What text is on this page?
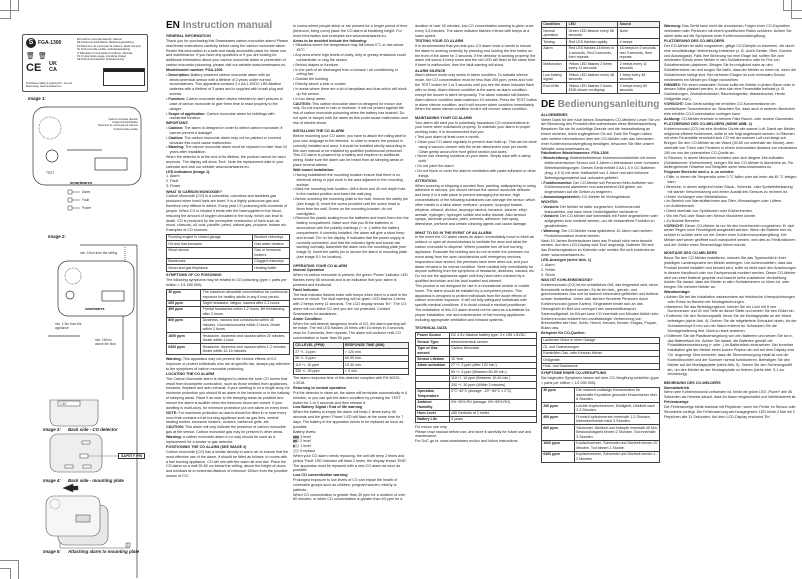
S FGA-1306
🗑 🗑
CE UK CA
EN Carbon monoxide detector. Manual
DE Kohlenmonoxid-Melder. Bedienungsanleitung
FR Détecteur de monoxyde de carbone. Mode d'emploi
NL Koolmonoxide-melder. Gebruiksaanwijzing
IT Rilevatore di monossido di carbonio. Manuale
PL Czujnik tlenku węgla. Instrukcja obsługi
SE Kolmonoxid-detektor. Bruksanvisning
Smartwares Safety & Lighting B.V., Jan van Beierenweg, www.smartwares.eu
Image 1:
Carbon monoxide detector
Kohlenmonoxid-Melder
Détecteur de monoxyde de carbone
Koolmonoxide-melder
TEST
smartwares
Alarm
Fault
Power
Image 2:
min. 15cm from the ceiling
smartwares
min. 1.5m from the appliance
min. 150cm above the floor
1.5V
Image 3: Back side - CO detector
SAFETY PIN
Image 4: Back side - mounting plate
1
Image 5: Attaching alarm to mounting plate

EN Instruction manual

GENERAL INFORMATION

Thank you for purchasing this Smartwares carbon monoxide alarm! Please read these instructions carefully before using the carbon monoxide alarm. Retain this information in a safe and easily accessible place for future use and maintenance. If you have any questions or if you are looking for additional information about your carbon monoxide alarm or prevention of carbon monoxide poisoning, please visit our website www.smartwares.eu.

Model/model number: FGA-1306

• Description: Battery powered carbon monoxide alarm with an electrochemical sensor with a lifetime of 3 years under normal circumstances. This apparatus contains 3 x AA 1.5VDC LR6 Alkaline batteries with a lifetime of 3 years and is supplied with a wall plug and screws.

• Function: Carbon monoxide alarm device intended to alert persons in case of carbon monoxide to give them time to react properly to the danger.

• Scope of application: Carbon monoxide alarm for buildings with residential function.

IMPORTANT:

• Caution: The alarm is designed in order to detect carbon monoxide; it cannot prevent a leakage!

• Caution: The carbon monoxide alarm may not be painted or covered because this could cause malfunction.

• Warning: The carbon monoxide alarm must be replaced no later than 10 years after installation.

When the detector is at the end of its lifetime, the product cannot be used anymore. The display will show 'End'. Note the replacement date in your calendar and visit our website www.smartwares.eu.

LED indicators (image 1):

1. Alarm

2. Fault

3. Power

WHAT IS CARBON MONOXIDE?

Carbon Monoxide (CO) is a colourless, odourless and tasteless gas produced when fossil fuels are burnt. It is a highly poisonous gas and therefore very difficult to detect. Every year CO poisoning kills hundreds of people. When CO is inhaled it binds with the haemoglobin in the blood, reducing the amount of oxygen circulated in the body, which can lead to death. CO is produced by the incomplete combustion of fuels such as wood, charcoal, oil, coal, paraffin, petrol, natural gas, propane, butane etc. Examples of CO sources:

Running engine in closed garage	Blocked chimneys
Oil and Gas furnaces	Gas water heaters
Wood stoves	Gas or kerosene heaters
Barbecues	Clogged chimneys
Wood and gas fireplaces	Heating boiler

SYMPTOMS OF CO POISONING

The following symptoms may be related to CO poisoning (ppm = parts per million = 1/1 000 000):

30 ppm	The maximum allowable concentration for continuous exposure for healthy adults in any 8 hour period.
200 ppm	Slight headache, fatigue, nausea after 2-3 hours.
400 ppm	Frontal headaches within 1-2 hours, life threatening after 3 hours.
800 ppm	Dizziness, nausea and convulsions within 45 minutes. Unconsciousness within 2 hours. Death within 3 hours.
1600 ppm	Headache, dizziness and nausea within 20 minutes. Death within 1 hour.
6400 ppm	Headache, dizziness and nausea within 1-2 minutes. Death within 10-15 minutes.

Warning: This apparatus may not prevent the chronic effects of CO exposure or protect individuals who are at specific risk, always pay attention to the symptoms of carbon monoxide poisoning.

LOCATING THE CO ALARM

The Carbon Monoxide alarm is designed to detect the toxic CO fumes that result from incomplete combustion, such as those emitted from appliances, furnaces, fireplace and auto exhaust. If your dwelling is on a single story, for minimum protection you should fit an alarm in the bedroom or in the hallway of sleeping areas. Place it as near to the sleeping areas as possible and ensure the alarm is audible when the bedroom doors are closed. If your dwelling is multi-story, for minimum protection put one alarm on every level.

NOTE: For maximum protection an alarm should be fitted in or near every room that contains a fuel burning appliance such as gas fires, central heating boilers, kerosene heaters, cookers, barbecue grills, etc.

CAUTION: This alarm will only indicate the presence of carbon monoxide gas at the sensor. Carbon monoxide gas may be present in other areas.

Warning: a carbon monoxide alarm in no way should be used as a replacement for a smoke or gas detector.

POSITIONING THE CO ALARM (SEE IMAGE 2)

Carbon monoxide (CO) has a similar density to warm air, to ensure that the most effective use of the alarm, it should be fitted as follows: In rooms with a fuel burning appliance, CO will mix with the warm air and rise. Place the CO alarm on a wall 30-60 cm below the ceiling, above the height of doors and windows at a horizontal distance of minimum 150cm from the possible source of CO.

In rooms where people sleep or are present for a longer period of time (bedroom, living room) place the CO alarm at breathing height. For more information and examples see www.smartwares.eu.

Areas to be avoided include the following:

• Situations where the temperature may fall below 0°C or rise above 45°C

• Any area where high levels of dusty, dirty or greasy emissions could contaminate or clog the sensor.

• Behind drapes or furniture.

• In the path of air discharged from a furnace / air conditioning or ceiling fan.

• Outside the building.

• Directly above a sink or cooker.

• In areas where there are a lot of lampblack and dust which will block up the sensor.

• In too damp areas.

CAUTION: This carbon monoxide alarm is designed for indoor use only. Do not expose to rain or moisture. It will not protect against the risk of carbon monoxide poisoning when the battery has drained. Do not open or tamper with the alarm as this could cause malfunction and risk of electric shock.

INSTALLING THE CO ALARM

Before mounting your CO alarm, you have to attach the rating label in your own language to the detector. In order to ensure the product is correctly installed and used, it should be installed strictly according to this user manual or be installed by qualified professional personnel. This CO alarm is powered by a battery and requires no additional wiring. Make sure the alarm can be heard from all sleeping areas or place several alarms.

Wall mount installation:

• Having established the mounting location ensure that there is no electrical wiring or pipe work in the area adjacent to the mounting surface.

• Mark the mounting hole location, drill a 6mm and 40 mm depth hole in the marked position and insert the wall plug.

• Before screwing the mounting plate to the wall, remove the safety pin (see image 4). Insert the screw provided until the screw head is 6mm from the wall. Screw on the mounting bracket, do not overtighten.

• Remove the plastic sealing from the batteries and insert them into the battery compartment. Make sure that you fit the batteries in accordance with the polarity markings (+ or -) within the battery compartment. If correctly installed, the alarm will give a short beep and shows 'On' on the display. It indicates that the power supply is normally connected, and that the indicator lights and buzzer are working normally. Assemble the alarm onto the mounting plate (see image 5). Insert the safety pin to secure the alarm to mounting plate (see image 5.1 for location).

OPERATING YOUR CO ALARM

Normal Operation

When no carbon monoxide is present, the green 'Power' indicator LED flashes every 56 seconds and is an indication that your alarm is powered and functional.

Fault Indicator

The fault indicator flashes twice with beeps when there is a fault in the sensor or circuit. The fault warning will be given: LED flashes 2 times with 2 beeps every 11 seconds. The LCD display shows 'Err'. The CO alarm will not detect CO and you are not protected. Contact Smartwares for assistance.

Alarm Condition

When the unit detects dangerous levels of CO, the alarm warning will be made. The red LED flashes 15 times with 16 beeps in 4 seconds, rests for 3 seconds, then repeats. The alarm will continue until CO concentration is lower than 50 ppm.

CO-LEVEL (PPM)	RESPONSE TIME (MIN)
27 +/- 3 ppm	> 120 min.
55 +/- 5 ppm	60-90 min.
110 +/- 10 ppm	10-40 min.
330 +/- 30 ppm	< 3 min.

The alarm response time of this detector complies with EN 50291-1:2018.

Returning to normal operation

Put the detector in clean air, the alarm will terminate automatically in 6 minutes, or you can quit the alarm condition by pressing the TEST button for 1 to 3 seconds and then release it.

Low Battery Signal / End of life warning

When the battery is empty the alarm will beep 1 times every 48 seconds and the green 'Power' LED will flash at the same time for 7 days. The battery in the apparatus needs to be replaced as soon as possible.

Battery levels:

▮▮▮ 3 level

▮▮▯ 2 level

▮▯▯ 1 level

▯▯▯ 0 replace

When your CO alarm needs replacing, the unit will beep 2 times and yellow 'Fault' LED indicator will flash 2 times, the display shows 'END'. The apparatus must be replaced with a new CO alarm as soon as possible.

Low CO concentration warning

Prolonged exposure to low levels of CO can impair the health of vulnerable groups such as children, pregnant women, elderly or patients.

When CO concentration is greater than 30 ppm for a duration of over 60 minutes, or when CO concentration is greater than 40 ppm for a

duration of over 40 minutes, low CO concentration warning is given once every 3-5 minutes. The alarm indicator flashes 4 times with beeps at a lower speed.

TESTING YOUR CO ALARM

It is recommended that you test your CO alarm once a month to ensure the alarm is working correctly by pressing and holding the test button on the front of the alarm for 2 seconds. If the detector is working properly, the alarm will sound 4 beep tones and the red LED will flash at the same time. If there is malfunction, then the fault warning will show.

ALARM SILENCE

Alarm silence mode only works in alarm condition. To activate silence mode, the CO concentration must be less than 200 ppm, press and hold the TEST button for 1 to 3 seconds until you see the alarm indicator flash with no beep. Alarm silence condition is the same as alarm condition except the buzzer is silent temporarily. The alarm indicator still flashes. Alarm silence condition lasts maximum 10 minutes. Press the TEST button in alarm silence condition, and it will recover alarm condition immediately. When the alarm silence condition ends it will recover alarm condition.

MAINTAINING YOUR CO ALARM

Your alarm will alert you to potentially hazardous CO concentrations in your home when maintained properly. To maintain your alarm in proper working order, it is recommended that you:

• Test your alarm at least once a month.

• Clean your CO alarm regularly to prevent dust build up. This can be done using a vacuum cleaner with the brush attachment once per month. Clean gently around the front grilled section and sides.

• Never use cleaning solutions on your alarm. Simply wipe with a damp cloth.

• Do not paint the alarm.

• Do not block or cover the alarm's ventilation with paste adhesive or other things.

ATTENTION:

When scouring or stripping a wooden floor, painting, wallpapering or using adhesive or aerosol, you should remove the carbon monoxide detector and keep it in a safe place to prevent damaging the sensor. High concentrations of the following substances can damage the sensor, which often results in a false alarm: methane, propane, isopropyl butane, ethylene, ethanol, alcohol, isopropyl alcohol, benzene, toluene, ethyl acetate, hydrogen, hydrogen sulfide and sulfur dioxide. Also aerosol sprays, alcoholic products, paint, solvents, adhesive, hair spray, aftershave, perfume and certain cleaning agents can cause damage.

WHAT TO DO IN THE EVENT OF AN ALARM

In the event the CO alarm raises an alarm: Immediately move to fresh air outdoor or open all doors/windows to ventilate the area and allow the carbon monoxide to disperse. Where possible turn off fuel burning appliance. Evacuate the building and do not re-enter the premises nor move away from the open door/window until emergency services responders have arrived, the premises have been aired out, and your alarm remains in its normal condition. Seek medical help immediately for anyone suffering from the symptoms of headache, dizziness, nausea, etc. Do not use the appliances again until they have been checked by a qualified technician and the fault located and cleared.

This product is not designed for use in a recreational vehicle or mobile home. The alarm should be installed by a competent person. This apparatus is designed to protect individuals from the acute effects of carbon monoxide exposure. It will not fully safeguard individuals with specific medical conditions. If in doubt consult a medical practitioner.

The installation of this CO alarm should not be used as a substitute for proper installation, use and maintenance of fuel burning appliances including appropriate ventilation and exhaust systems.

TECHNICAL DATA

Power Source	DC 4.5V Alkaline battery type: 3 x LR6 1.5VDC
Sensor Type	electrochemical sensor
Type of Gas sensed	Carbon Monoxide
Sensor Lifetime	10 Year
Alarm activation	27 +/- 3 ppm (after 120 min.)
	55 +/- 5 ppm (Between 60-90 min.)
	110 +/- 10 ppm (Between 10-40 min.)
	330 +/- 30 ppm (Within 3 minutes)
Operation Temperature	0°C~40°C (storage: -20°~60°C ± 2°C)
Ambient Humidity	0%~90% RH (storage: 0%~90% RH)
Horn Level	≥85 Decibels at 3 meter
Battery Life	3 years

For indoor use only.

Please read manual before use, and store it carefully for future use and maintenance.

For DoC go to: www.smartwares.eu/doc and follow instructions.

Condition	LED	Sound
Normal operation	Green LED flashes every 56 seconds	None
Testing	Red LED flashes rapidly	4 beeps
Alarm	Red LED flashes 15 times in 4 seconds, Red 3 seconds, then repeats	16 beeps in 4 seconds, rest 3 seconds, then repeats
Malfunction	Yellow LED flashes 2 times every 11 seconds	2 beeps every 11 seconds
Low battery signal	Yellow LED flashes every 48 seconds	1 beep every 48 seconds
End of life	Yellow LED flashes 2 times, END shown on display	2 beeps every 60 seconds

DE Bedienungsanleitung

ALLGEMEINES

Vielen Dank für den Kauf dieses Smartwares CO-Melders! Lesen Sie vor der Benutzung des Produkts bitte aufmerksam diese Betriebsanleitung. Bewahren Sie sie für zukünftige Zwecke und die Instandhaltung an einem sicheren, leicht zugänglichen Ort auf. Falls Sie Fragen haben oder weitere Informationen über den CO-Melder oder das Vermeiden einer Kohlenmonoxidvergiftung benötigen, besuchen Sie bitte unsere Website: www.smartwares.eu.

Fabrikation /Modellnummer: FGA-1306

• Beschreibung: Batteriebetriebener Kohlenmonoxidmelder mit einem elektrochemischen Sensor und 3 Jahren Lebensdauer unter normalen Betriebsbedingungen. Dieses Gerät enthält 3 AA 1.5 V DC Batterien (insg. 4,5 V) mit einer Haltbarkeit von 3 Jahre und wird inklusive Befestigungsmaterial und -schraube geliefert.

• Funktionsweise: Der CO-Melder soll Personen beim Auftreten von Kohlenmonoxid alarmieren und ausreichend Zeit geben, um angemessen auf die Gefahr zu reagieren.

• Anwendungsbereich: CO-Melder für Wohngebäude.

WICHTIG:

• Vorsicht: Der Melder ist dafür vorgesehen, Kohlenmonoxid festzustellen, und kann keine Undichtigkeiten verhindern!

• Vorsicht: Der CO-Melder darf keinesfalls mit Farbe angestrichen oder aufgegeben bzw. bedeckt werden, um die einwandfreie Funktion zu gewährleisten.

• Warnung: Der CO-Melder muss spätestens 10 Jahre nach seinem Produktionsdatum ersetzt werden.

Nach 10 Jahren Betriebsdauer kann das Produkt nicht mehr benutzt werden. Auf dem LCD-Display wird 'End' angezeigt. Notieren Sie sich das Ersetzungsdatum im Kalender oder melden Sie sich kostenlos an unter: www.smartwares.eu

LED-Anzeigen (siehe Abb. 1)

1. Alarm

2. Fehler

3. Strom

WAS IST KOHLENMONOXID?

Kohlenmonoxid (CO) ist ein schädliches Gift, das freigesetzt wird, wenn Brennstoffe verbrannt werden. Es ist ein farb-, geruch- und geschmackloses Gas und ist dadurch besonders gefährlich und äußerst schwer feststellbar. Jedes Jahr sterben Hunderte Personen durch Kohlenmonoxid (grüne Karten). Eingeatmet bindet sich an das Hämoglobin im Blut und verringert den sauerstofftransport. Sauerstoffgehalt. Im Körper kann CO innerhalb von Minuten tödlich sein. Kohlenmonoxid entsteht bei unvollständiger Verbrennung von Brennstoffen wie Holz, Kohle, Heizöl, Kerosin, Benzin, Erdgas, Propan, Butan usw.

Beispiele für CO-Quellen:

Laufender Motor in einer Garage
Öl- und Gasheizungen
Kaminöfen Gas- oder Kerosin-Heizer
Grillgeräte
Holz- und Gaskamine

SYMPTOME EINER CO-VERGIFTUNG

Die folgenden Symptome lassen auf eine CO-Vergiftung schließen (ppm = parts per million = 1/1 000 000):

30 ppm	Die maximal zulässige Konzentration für dauerhafte Exposition gesunder Erwachsener über 8 Stunden.
200 ppm	Leichte Kopfschmerzen, Müdigkeit, Übelkeit nach 2-3 Stunden.
400 ppm	Frontal Kopfschmerzen innerhalb 1-2 Stunden, lebensbedrohlich nach 3 Stunden.
800 ppm	Schwindel, Übelkeit und Krämpfe innerhalb 45 Min. Bewusstlosigkeit binnen 2 Stunden. Tod innerhalb 3 Stunden.
1600 ppm	Kopfschmerzen, Schwindel und Übelkeit binnen 20 Minuten. Tod binnen 1 Stunde.
6400 ppm	Kopfschmerzen, Schwindel und Übelkeit binnen 1-2 Minuten.

Warnung: Das Gerät kann nicht die chronischen Folgen einer CO-Exposition verhindern oder Personen mit einem spezifischen Risiko schützen. Achten Sie daher stets auf die Symptome einer Kohlenmonoxidvergiftung.

PLATZIERUNG DES CO-MELDERS

Der CO-Melder ist dafür vorgesehen, giftige CO-Dämpfe zu erkennen, die durch eine unvollständige Verbrennung entstehen (z. B. durch Geräte, Öfen, Kamine und Autoabgase). Falls Ihre Wohnung nur eine Etage hat, sollten Sie zum minimalen Schutz einen Melder in den Schlafzimmern oder im Flur von Schlafbereichen platzieren. Bringen Sie ihn möglichst nahe an den Schlafbereichen an und sorgen Sie dafür, dass der Melder zu hören ist, wenn die Schlafzimmer belegt sind. Bei mehreren Etagen ist zum minimalen Schutz mindestens ein Melder pro Etage vorzusehen.

HINWEIS: Für einen maximalen Schutz sollte ein Melder in jedem Raum oder in dessen Nähe platziert werden, in dem sich eine Feuerstätte befindet (z. B. Gasheizungen, Zentralheizkessel, Raumheizgeräte, Wasserkocher, Herde, Grillgeräte usw.).

VORSICHT: Das Gerät schlägt bei erhöhten CO-Konzentrationen im unmittelbaren Sensorbereich an. Beachten Sie, dass auch in anderen Bereichen eine erhöhte CO-Konzentration vorliegen kann.

Achtung: CO-Melder ersetzen in keinem Falle Rauch- oder andere Gasmelder.

PLATZIERUNG DES CO-MELDERS (SIEHE ABB. 2)

Kohlenmonoxid (CO) hat eine ähnliche Dichte wie warme Luft. Damit der Melder möglichst effizient funktioniert, sollte er wie folgt angebracht werden: In Räumen mit einer Feuerstätte vermischt sich CO mit der warmen Luft und steigt auf. Bringen Sie den CO-Melder an der Wand (30-60 cm unterhalb der Decke), aber oberhalb von Türen oder Fenstern in einem horizontalen Abstand von mindestens 150 cm von der potenziellen CO-Quelle an.

In Räumen, in denen Menschen schlafen oder sich längere Zeit aufhalten (Schlafzimmer, Wohnzimmer), bringen Sie den CO-Melder in Atemhöhe an. Für weitergehende Hinweise und Beispiele siehe www.smartwares.eu.

Folgende Bereiche sind u. a. zu meiden:

• Fälle, in denen die Temperatur unter 0 °C fallen oder auf mehr als 45 °C steigen kann

• Bereiche, in denen aufgrund hoher Staub-, Schmutz- oder Spritzfettbelastung mit starker Verschmutzung und einem Ausfall des Sensors zu rechnen ist.

• Hinter Vorhängen oder Möbelstücken.

• Im Bereich von Warmluftströmen aus Öfen, Klimaanlagen oder Lüftern.

• Im Außenbereich.

• Direkt oberhalb von Spülbecken oder Küchenherden.

• Wo viel Ruß oder Staub den Sensor blockieren könnte.

• Zu feuchte Bereiche.

VORSICHT: Dieser CO-Melder ist nur für den Innenbereich vorgesehen. Er darf weder Regen noch Feuchtigkeit ausgesetzt werden. Wenn die Batterie leer ist, schützt er schützt mehr vor der Gefahr einer Kohlenmonoxidvergiftung. Der Melder darf weder geöffnet noch manipuliert werden, weil dies zu Fehlfunktionen und der Gefahr eines Stromschlags führen könnte.

MONTAGE DES CO-MELDERS

Bevor Sie den CO-Melder installieren, müssen Sie das Typenschild in Ihrer jeweiligen Landessprache am Melder anbringen. Um sicherzustellen, dass das Produkt korrekt installiert und benutzt wird, sollte es strikt nach den Anweisungen in diesem Handbuch oder von Fachpersonal montiert werden. Dieser CO-Melder wird von einer Batterie gespeist und braucht keine zusätzliche Verdrahtung. Achten Sie darauf, dass der Melder in allen Schlafzimmern zu hören ist, oder bringen Sie mehrere Melder an.

Wandmontage:

• Achten Sie bei der Installation insbesondere auf elektrische Unterputzleitungen oder Rohre im Bereich der Montagebohrungen.

• Markieren Sie das Befestigungsloch, bohren Sie ein Loch mit 6 mm Durchmesser und 40 mm Tiefe an dieser Stelle und setzen Sie den Dübel ein.

• Entfernen Sie den Sicherungsstift, bevor Sie die Montageplatte an der Wand befestigen (siehe Abb. 4). Drehen Sie die mitgelieferte Schraube hinein, bis der Schraubenkopf 6 mm von der Wand entfernt ist. Schrauben Sie die Montagehalterung fest. Nicht zu stark anziehen.

• Entfernen Sie die Plastikversiegelung von den Batterien und setzen Sie sie in das Batteriefach ein. Achten Sie darauf, die Batterien gemäß der Polaritätskennzeichnung (+ oder -) im Batteriefach einzusetzen. Bei korrekter Installation gibt der Melder einen kurzen Piepton ab und auf dem Display wird 'On' angezeigt. Dies bedeutet, dass die Stromversorgung intakt ist und die Kontrollleuchten und der Summer normal funktionieren. Befestigen Sie den Melder auf der Montageplatte (siehe Abb. 5). Setzen Sie den Sicherungsstift ein, um den Melder an der Montageplatte zu fixieren (siehe Abb. 5.1 zur Anordnung).

BEDIENUNG DES CO-MELDERS

Normalbetrieb

Wenn kein Kohlenmonoxid vorhanden ist, blinkt die grüne LED „Power“ alle 56 Sekunden als Hinweis darauf, dass Ihr Alarm eingeschaltet und betriebsbereit ist.

Fehleranzeige

Die Fehleranzeige blinkt zweimal mit Pieptönen, wenn ein Fehler im Sensor oder Stromkreis vorliegt. Die Fehlerwarnung wird ausgegeben: LED blinkt 2 Mal mit 2 Pieptönen alle 11 Sekunden. Auf dem LCD-Display erscheint 'Err'.
